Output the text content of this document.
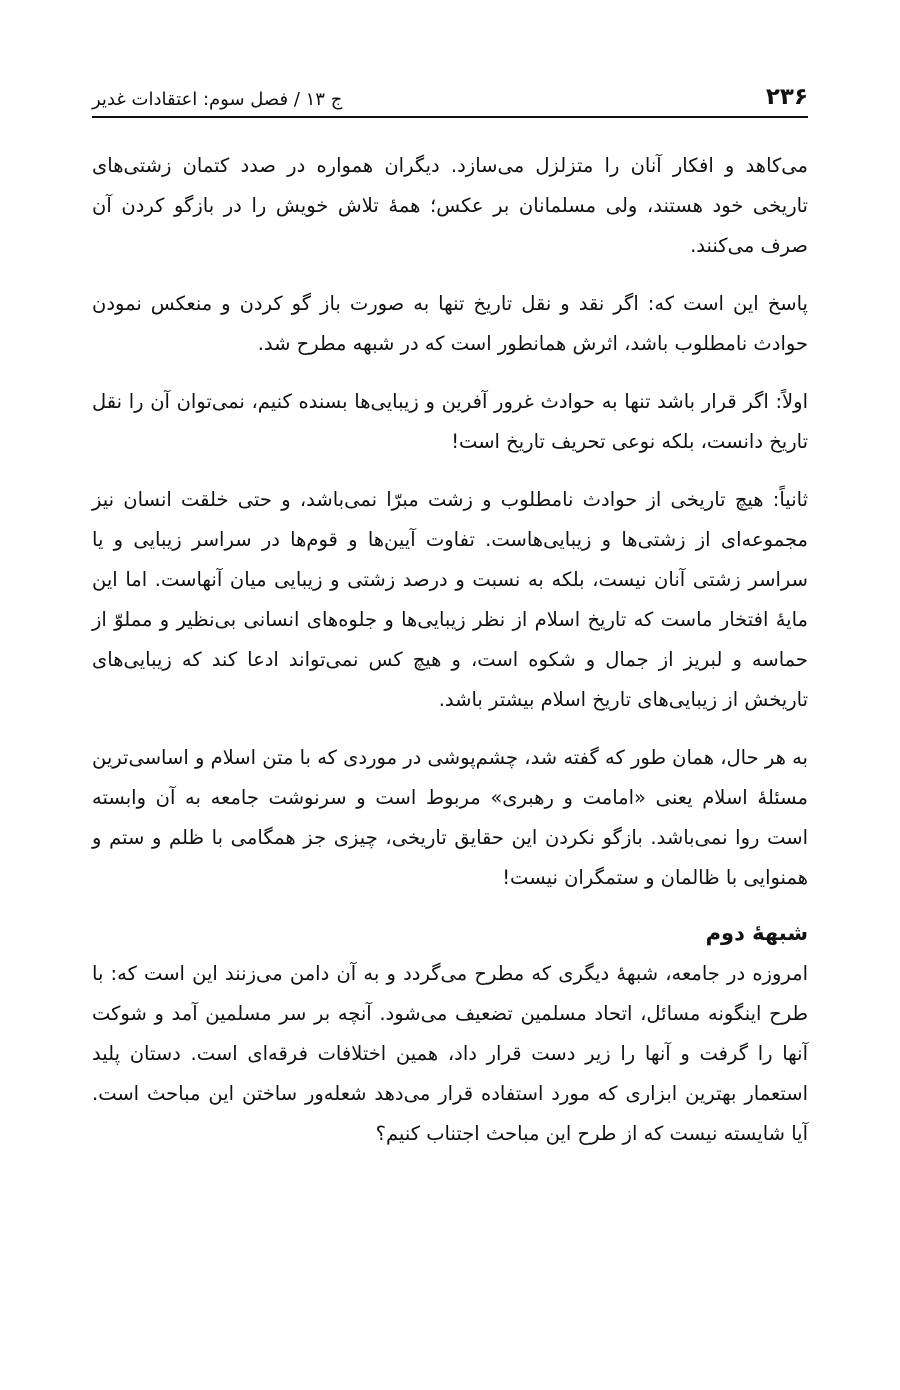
۲۳۶
ج ۱۳ / فصل سوم: اعتقادات غدیر

می‌کاهد و افکار آنان را متزلزل می‌سازد. دیگران همواره در صدد کتمان زشتی‌های تاریخی خود هستند، ولی مسلمانان بر عکس؛ همهٔ تلاش خویش را در بازگو کردن آن صرف می‌کنند.

پاسخ این است که: اگر نقد و نقل تاریخ تنها به صورت باز گو کردن و منعکس نمودن حوادث نامطلوب باشد، اثرش همانطور است که در شبهه مطرح شد.

اولاً: اگر قرار باشد تنها به حوادث غرور آفرین و زیبایی‌ها بسنده کنیم، نمی‌توان آن را نقل تاریخ دانست، بلکه نوعی تحریف تاریخ است!

ثانیاً: هیچ تاریخی از حوادث نامطلوب و زشت مبرّا نمی‌باشد، و حتی خلقت انسان نیز مجموعه‌ای از زشتی‌ها و زیبایی‌هاست. تفاوت آیین‌ها و قوم‌ها در سراسر زیبایی و یا سراسر زشتی آنان نیست، بلکه به نسبت و درصد زشتی و زیبایی میان آنهاست. اما این مایهٔ افتخار ماست که تاریخ اسلام از نظر زیبایی‌ها و جلوه‌های انسانی بی‌نظیر و مملوّ از حماسه و لبریز از جمال و شکوه است، و هیچ کس نمی‌تواند ادعا کند که زیبایی‌های تاریخش از زیبایی‌های تاریخ اسلام بیشتر باشد.

به هر حال، همان طور که گفته شد، چشم‌پوشی در موردی که با متن اسلام و اساسی‌ترین مسئلهٔ اسلام یعنی «امامت و رهبری» مربوط است و سرنوشت جامعه به آن وابسته است روا نمی‌باشد. بازگو نکردن این حقایق تاریخی، چیزی جز همگامی با ظلم و ستم و همنوایی با ظالمان و ستمگران نیست!

شبههٔ دوم

امروزه در جامعه، شبههٔ دیگری که مطرح می‌گردد و به آن دامن می‌زنند این است که: با طرح اینگونه مسائل، اتحاد مسلمین تضعیف می‌شود. آنچه بر سر مسلمین آمد و شوکت آنها را گرفت و آنها را زیر دست قرار داد، همین اختلافات فرقه‌ای است. دستان پلید استعمار بهترین ابزاری که مورد استفاده قرار می‌دهد شعله‌ور ساختن این مباحث است. آیا شایسته نیست که از طرح این مباحث اجتناب کنیم؟
